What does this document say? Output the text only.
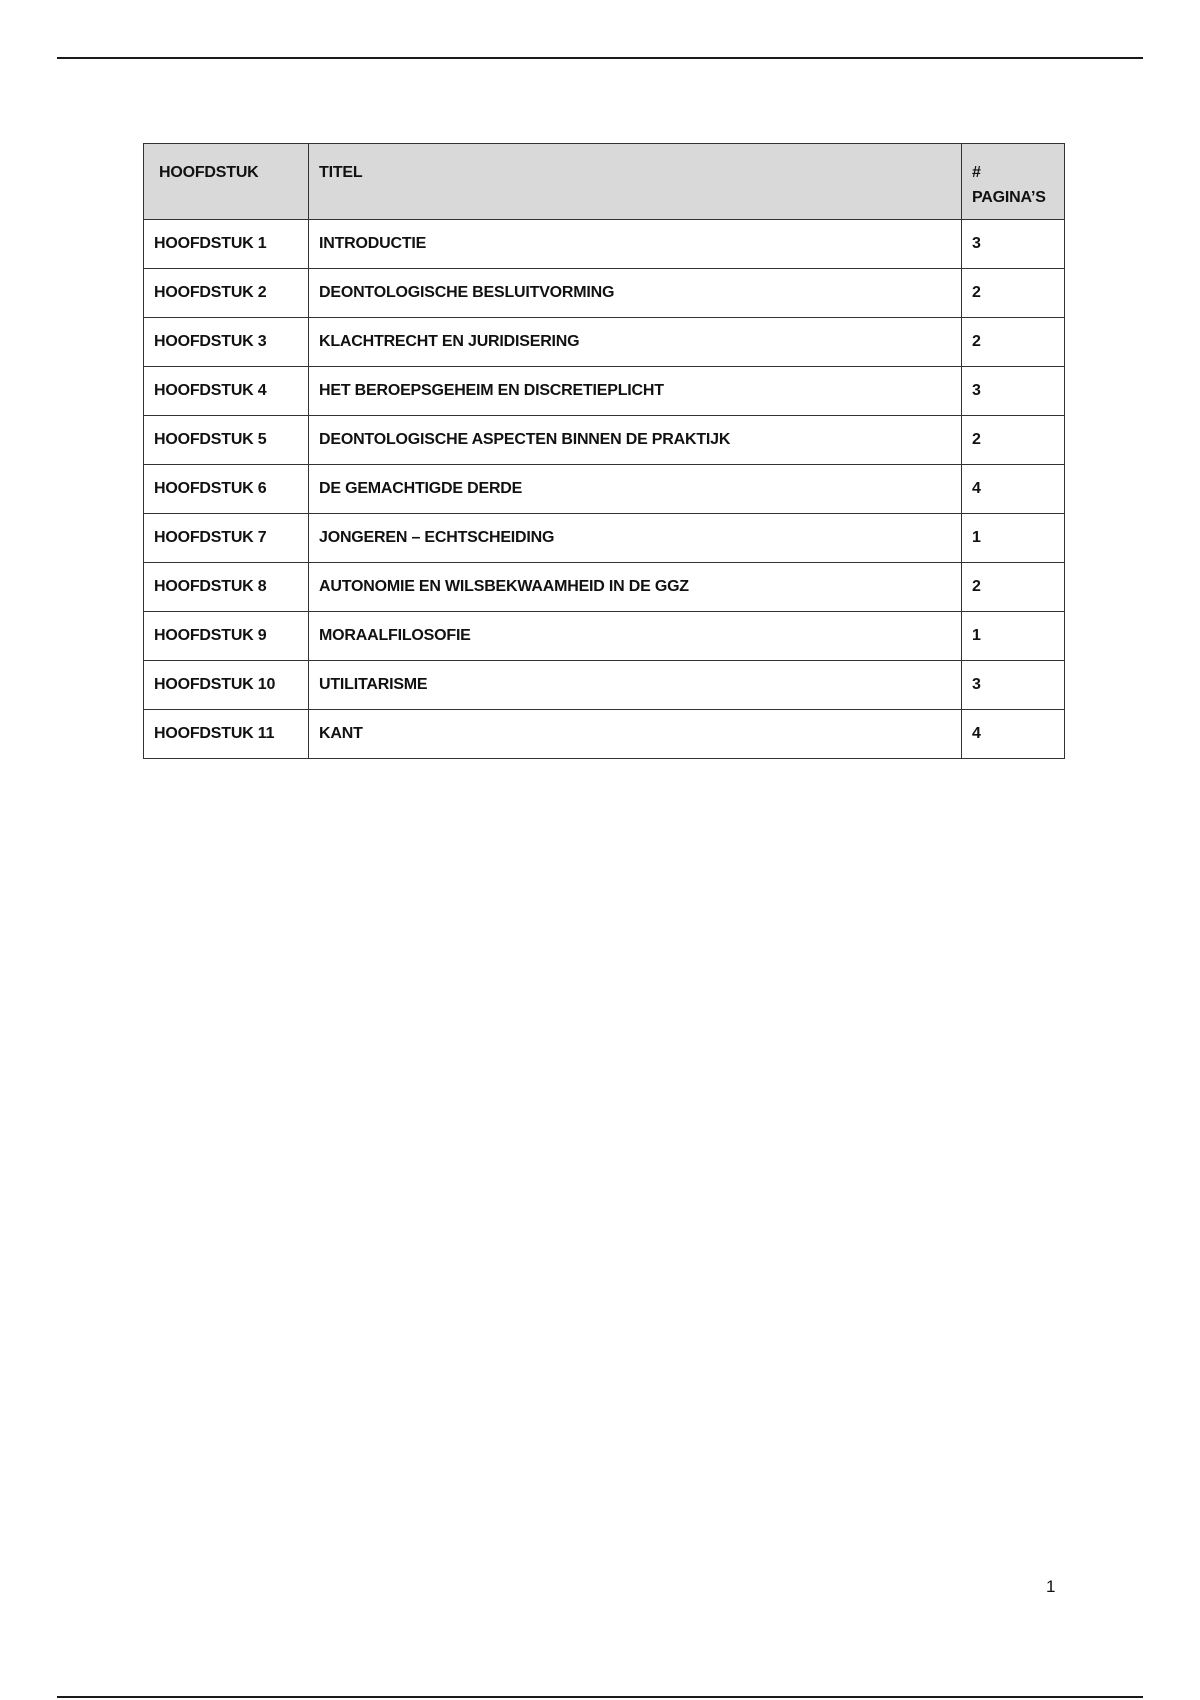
HOOFDSTUK	TITEL	#
PAGINA’S

HOOFDSTUK 1	INTRODUCTIE	3
HOOFDSTUK 2	DEONTOLOGISCHE BESLUITVORMING	2
HOOFDSTUK 3	KLACHTRECHT EN JURIDISERING	2
HOOFDSTUK 4	HET BEROEPSGEHEIM EN DISCRETIEPLICHT	3
HOOFDSTUK 5	DEONTOLOGISCHE ASPECTEN BINNEN DE PRAKTIJK	2
HOOFDSTUK 6	DE GEMACHTIGDE DERDE	4
HOOFDSTUK 7	JONGEREN – ECHTSCHEIDING	1
HOOFDSTUK 8	AUTONOMIE EN WILSBEKWAAMHEID IN DE GGZ	2
HOOFDSTUK 9	MORAALFILOSOFIE	1
HOOFDSTUK 10	UTILITARISME	3
HOOFDSTUK 11	KANT	4
1
